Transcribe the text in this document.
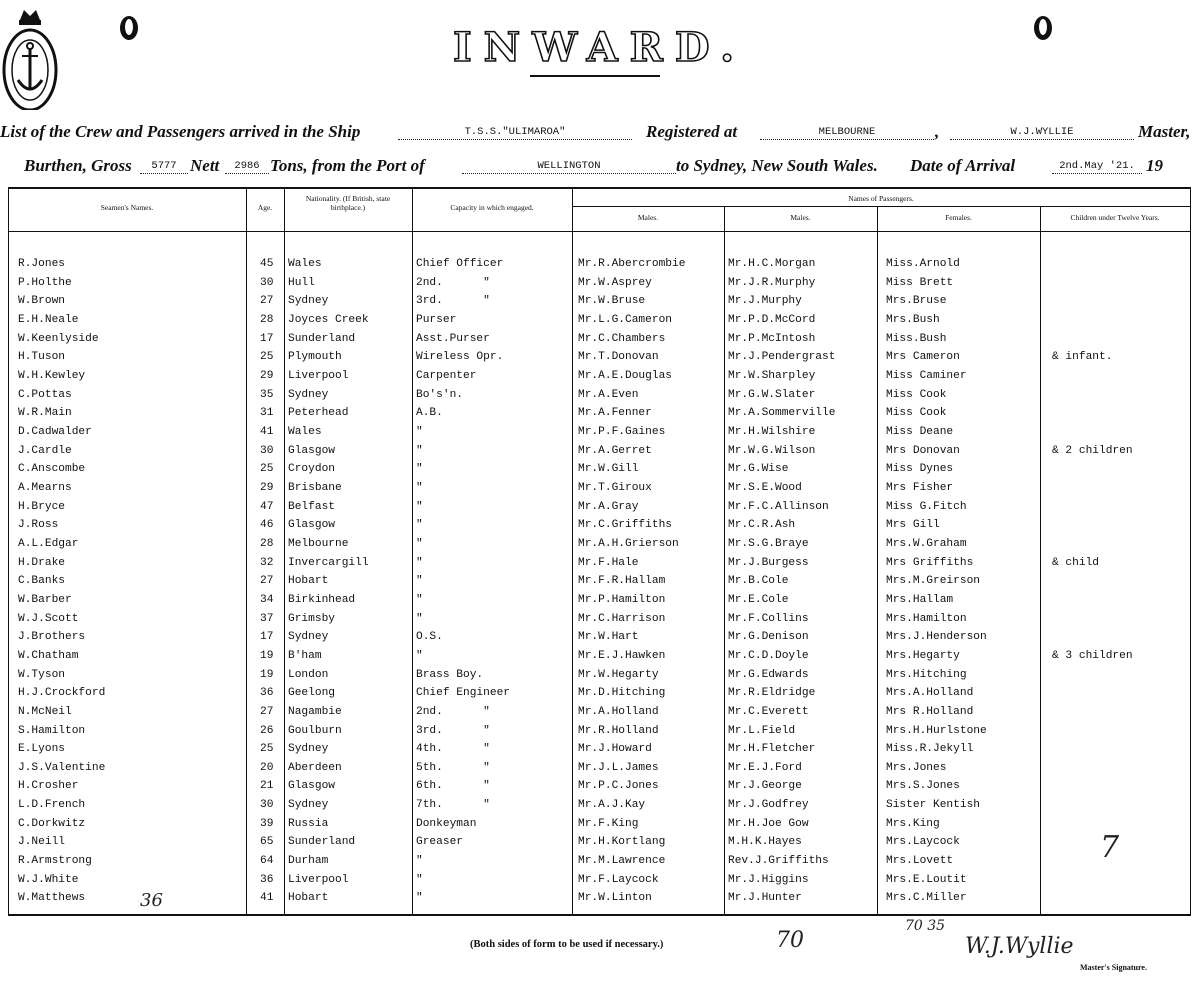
INWARD.
List of the Crew and Passengers arrived in the Ship	T.S.S."ULIMAROA"	Registered at	MELBOURNE	,	W.J.WYLLIE	Master,
Burthen, Gross	5777 Nett	2986 Tons, from the Port of	WELLINGTON	to Sydney, New South Wales. Date of Arrival	2nd.May '21. 19
Seamen's Names.	Age.
Nationality. (If British, state birthplace.)	Capacity in which engaged.
Names of Passengers.
Males.	Males.	Females.	Children under Twelve Years.
R.Jones	45 Wales	Chief Officer	Mr.R.Abercrombie	Mr.H.C.Morgan	Miss.Arnold
P.Holthe	30 Hull	2nd.      "	Mr.W.Asprey	Mr.J.R.Murphy	Miss Brett
W.Brown	27 Sydney	3rd.      "	Mr.W.Bruse	Mr.J.Murphy	Mrs.Bruse
E.H.Neale	28 Joyces Creek	Purser	Mr.L.G.Cameron	Mr.P.D.McCord	Mrs.Bush
W.Keenlyside	17 Sunderland	Asst.Purser	Mr.C.Chambers	Mr.P.McIntosh	Miss.Bush
H.Tuson	25 Plymouth	Wireless Opr.	Mr.T.Donovan	Mr.J.Pendergrast	Mrs Cameron	& infant.
W.H.Kewley	29 Liverpool	Carpenter	Mr.A.E.Douglas	Mr.W.Sharpley	Miss Caminer
C.Pottas	35 Sydney	Bo's'n.	Mr.A.Even	Mr.G.W.Slater	Miss Cook
W.R.Main	31 Peterhead	A.B.	Mr.A.Fenner	Mr.A.Sommerville	Miss Cook
D.Cadwalder	41 Wales	"	Mr.P.F.Gaines	Mr.H.Wilshire	Miss Deane
J.Cardle	30 Glasgow	"	Mr.A.Gerret	Mr.W.G.Wilson	Mrs Donovan	& 2 children
C.Anscombe	25 Croydon	"	Mr.W.Gill	Mr.G.Wise	Miss Dynes
A.Mearns	29 Brisbane	"	Mr.T.Giroux	Mr.S.E.Wood	Mrs Fisher
H.Bryce	47 Belfast	"	Mr.A.Gray	Mr.F.C.Allinson	Miss G.Fitch
J.Ross	46 Glasgow	"	Mr.C.Griffiths	Mr.C.R.Ash	Mrs Gill
A.L.Edgar	28 Melbourne	"	Mr.A.H.Grierson	Mr.S.G.Braye	Mrs.W.Graham
H.Drake	32 Invercargill	"	Mr.F.Hale	Mr.J.Burgess	Mrs Griffiths	& child
C.Banks	27 Hobart	"	Mr.F.R.Hallam	Mr.B.Cole	Mrs.M.Greirson
W.Barber	34 Birkinhead	"	Mr.P.Hamilton	Mr.E.Cole	Mrs.Hallam
W.J.Scott	37 Grimsby	"	Mr.C.Harrison	Mr.F.Collins	Mrs.Hamilton
J.Brothers	17 Sydney	O.S.	Mr.W.Hart	Mr.G.Denison	Mrs.J.Henderson
W.Chatham	19 B'ham	"	Mr.E.J.Hawken	Mr.C.D.Doyle	Mrs.Hegarty	& 3 children
W.Tyson	19 London	Brass Boy.	Mr.W.Hegarty	Mr.G.Edwards	Mrs.Hitching
H.J.Crockford	36 Geelong	Chief Engineer	Mr.D.Hitching	Mr.R.Eldridge	Mrs.A.Holland
N.McNeil	27 Nagambie	2nd.      "	Mr.A.Holland	Mr.C.Everett	Mrs R.Holland
S.Hamilton	26 Goulburn	3rd.      "	Mr.R.Holland	Mr.L.Field	Mrs.H.Hurlstone
E.Lyons	25 Sydney	4th.      "	Mr.J.Howard	Mr.H.Fletcher	Miss.R.Jekyll
J.S.Valentine	20 Aberdeen	5th.      "	Mr.J.L.James	Mr.E.J.Ford	Mrs.Jones
H.Crosher	21 Glasgow	6th.      "	Mr.P.C.Jones	Mr.J.George	Mrs.S.Jones
L.D.French	30 Sydney	7th.      "	Mr.A.J.Kay	Mr.J.Godfrey	Sister Kentish
C.Dorkwitz	39 Russia	Donkeyman	Mr.F.King	Mr.H.Joe Gow	Mrs.King
J.Neill	65 Sunderland	Greaser	Mr.H.Kortlang	M.H.K.Hayes	Mrs.Laycock
R.Armstrong	64 Durham	"	Mr.M.Lawrence	Rev.J.Griffiths	Mrs.Lovett
W.J.White	36 Liverpool	"	Mr.F.Laycock	Mr.J.Higgins	Mrs.E.Loutit
W.Matthews	41 Hobart	"	Mr.W.Linton	Mr.J.Hunter	Mrs.C.Miller
36
70
7
70 35
W.J.Wyllie
(Both sides of form to be used if necessary.)
Master's Signature.
